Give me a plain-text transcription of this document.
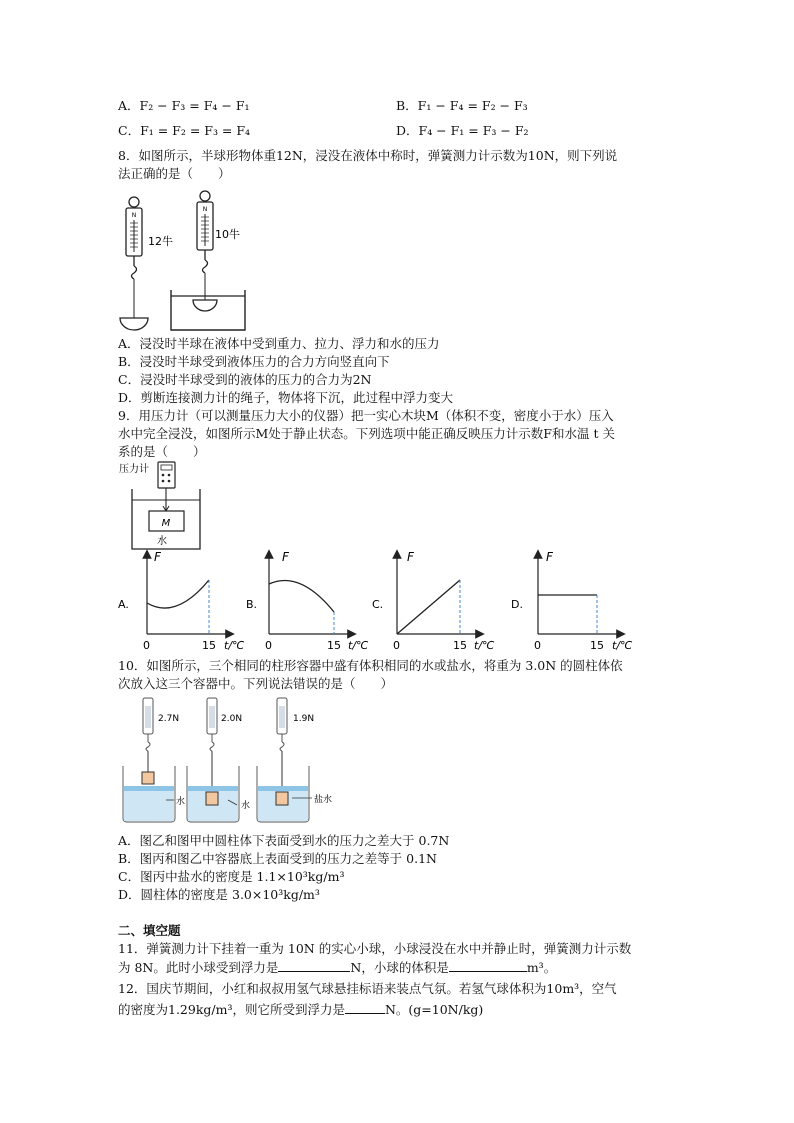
A．F₂ − F₃ = F₄ − F₁	B．F₁ − F₄ = F₂ − F₃
C．F₁ = F₂ = F₃ = F₄	D．F₄ − F₁ = F₃ − F₂
8．如图所示，半球形物体重12N，浸没在液体中称时，弹簧测力计示数为10N，则下列说
法正确的是（　　）
N
12牛
N
10牛
A．浸没时半球在液体中受到重力、拉力、浮力和水的压力
B．浸没时半球受到液体压力的合力方向竖直向下
C．浸没时半球受到的液体的压力的合力为2N
D．剪断连接测力计的绳子，物体将下沉，此过程中浮力变大
9．用压力计（可以测量压力大小的仪器）把一实心木块M（体积不变，密度小于水）压入
水中完全浸没，如图所示M处于静止状态。下列选项中能正确反映压力计示数F和水温 t 关
系的是（　　）
压力计
M
水
A.
F
0	15 t/℃
B.
F
0	15 t/℃
C.
F
0	15 t/℃
D.
F
0	15 t/℃
10．如图所示，三个相同的柱形容器中盛有体积相同的水或盐水，将重为 3.0N 的圆柱体依
次放入这三个容器中。下列说法错误的是（　　）
2.7N
水
2.0N
水
1.9N
盐水
A．图乙和图甲中圆柱体下表面受到水的压力之差大于 0.7N
B．图丙和图乙中容器底上表面受到的压力之差等于 0.1N
C．图丙中盐水的密度是 1.1×10³kg/m³
D．圆柱体的密度是 3.0×10³kg/m³
二、填空题
11．弹簧测力计下挂着一重为 10N 的实心小球，小球浸没在水中并静止时，弹簧测力计示数
为 8N。此时小球受到浮力是	N，小球的体积是	m³。
12．国庆节期间，小红和叔叔用氢气球悬挂标语来装点气氛。若氢气球体积为10m³，空气
的密度为1.29kg/m³，则它所受到浮力是	N。(g=10N/kg)
